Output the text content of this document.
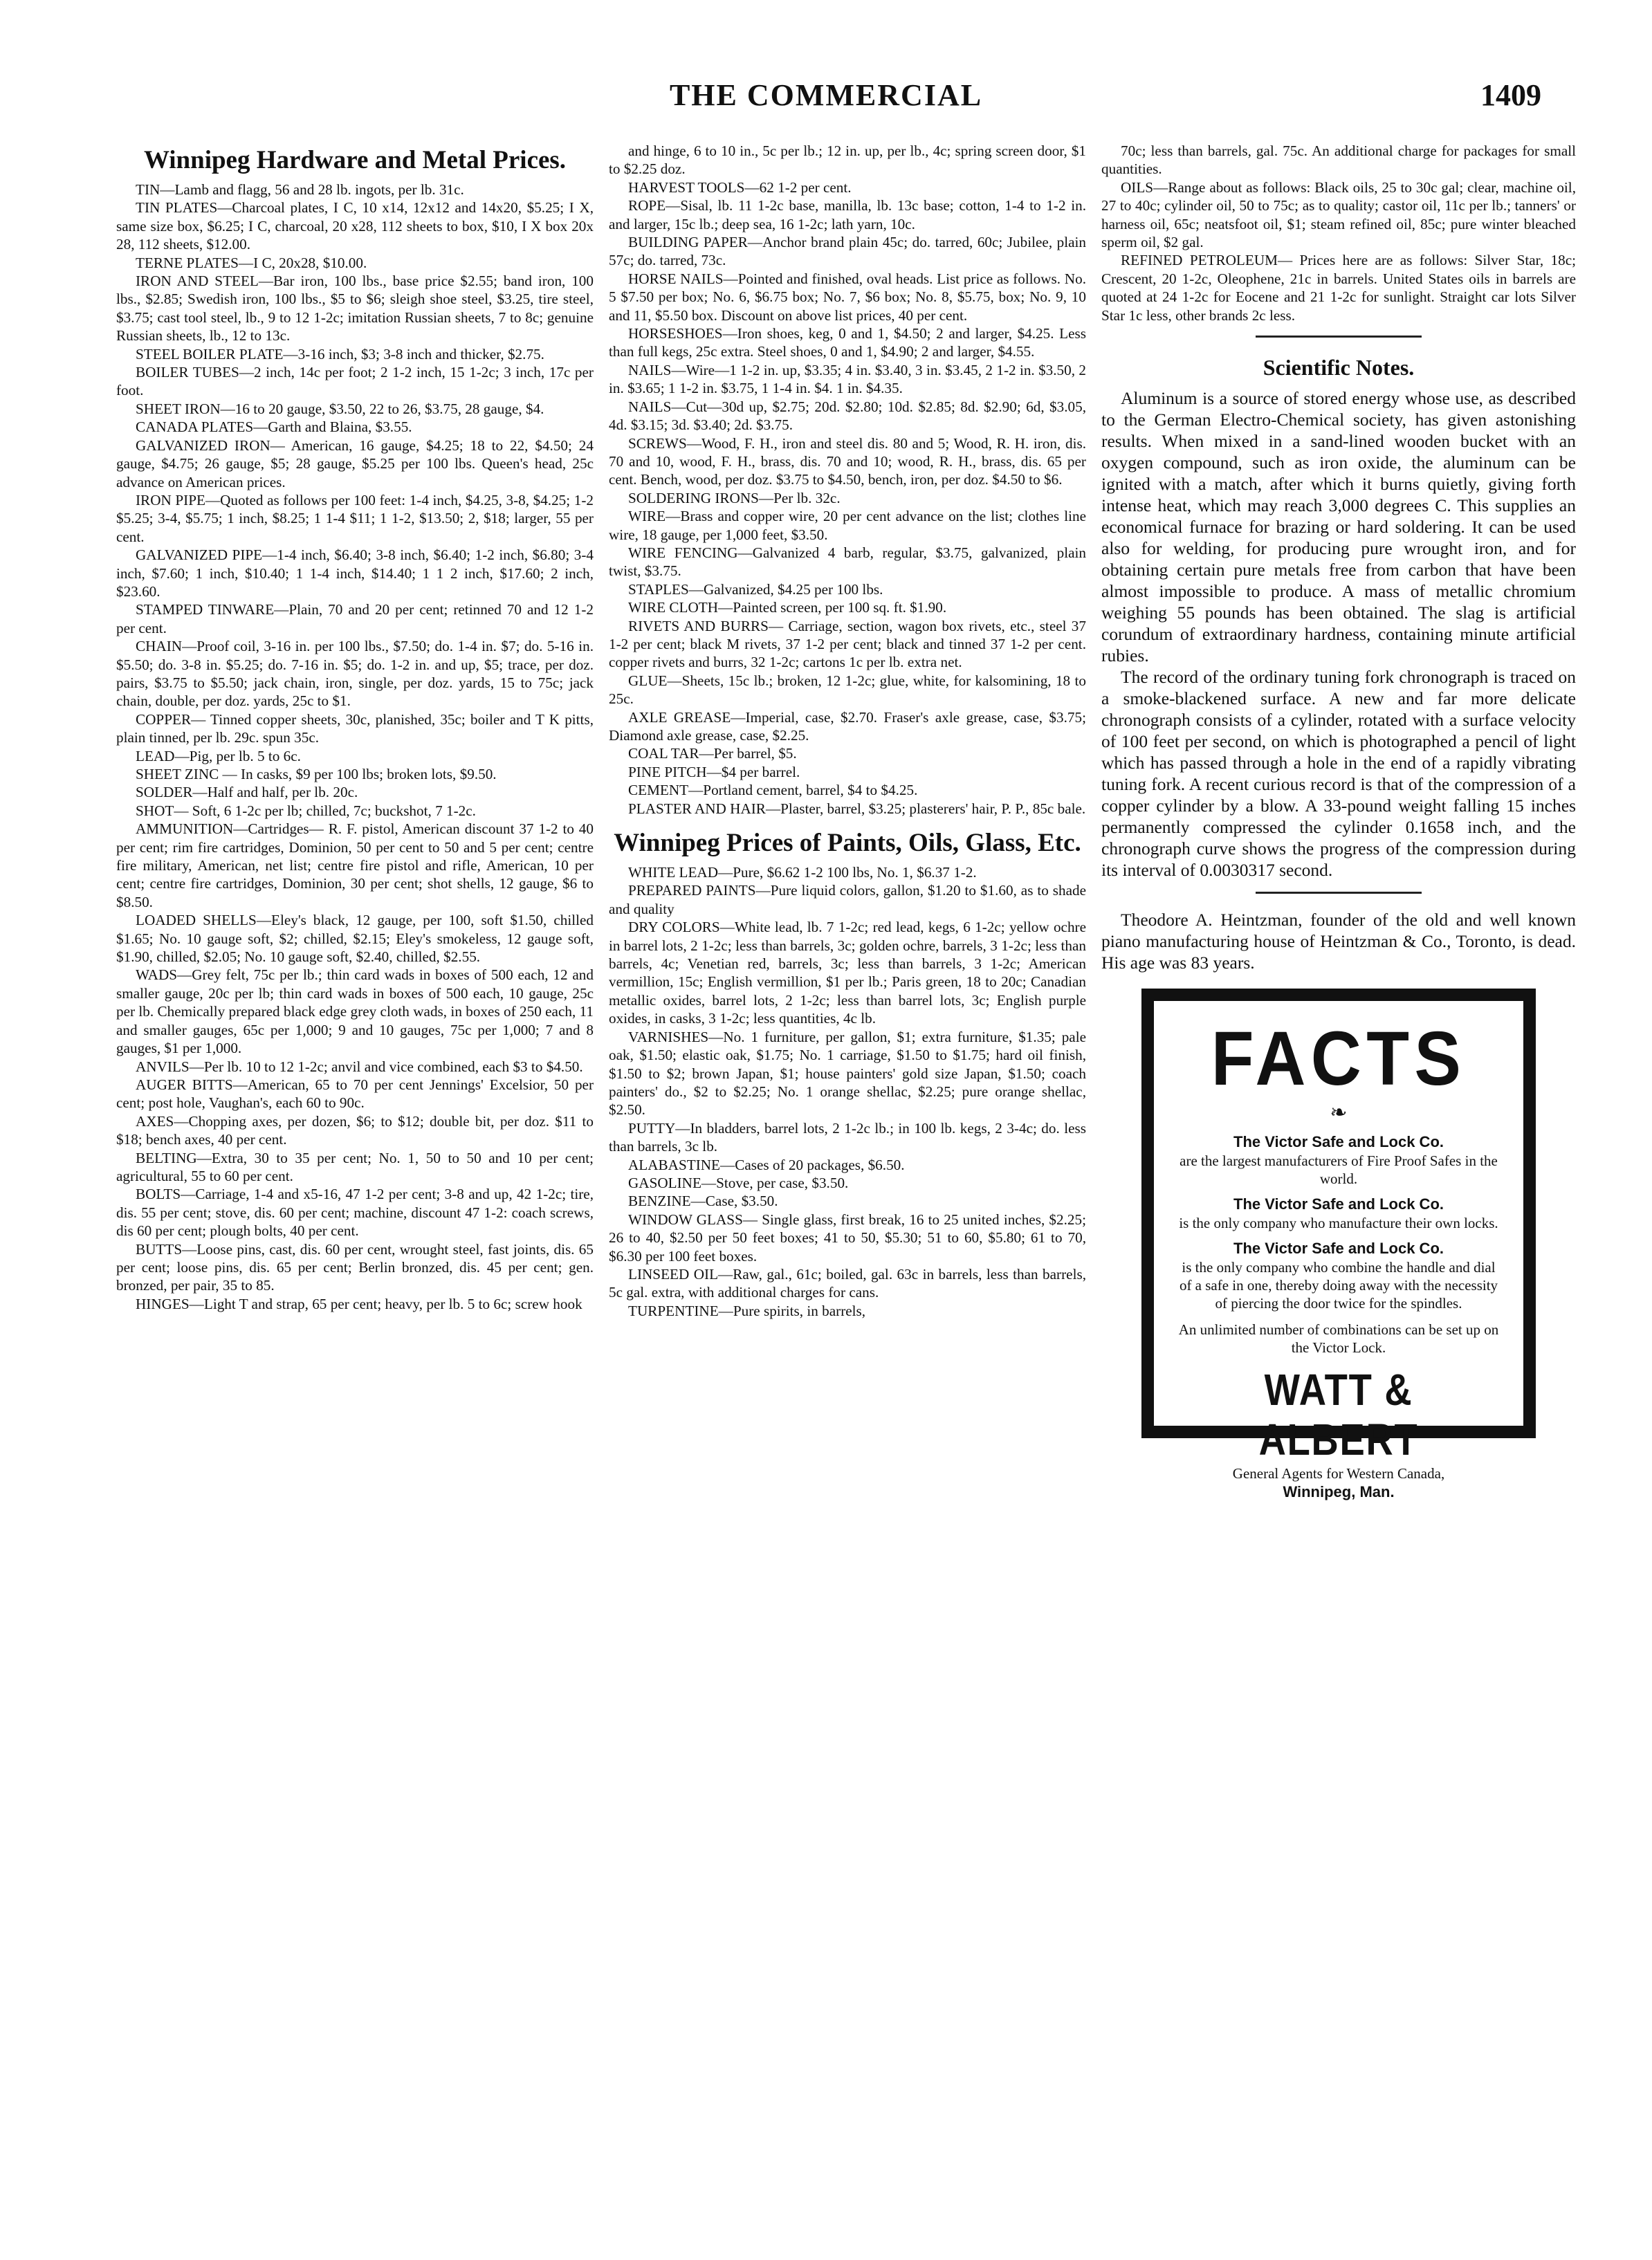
THE COMMERCIAL	1409
Winnipeg Hardware and Metal Prices.

TIN—Lamb and flagg, 56 and 28 lb. ingots, per lb. 31c.

TIN PLATES—Charcoal plates, I C, 10 x14, 12x12 and 14x20, $5.25; I X, same size box, $6.25; I C, charcoal, 20 x28, 112 sheets to box, $10, I X box 20x 28, 112 sheets, $12.00.

TERNE PLATES—I C, 20x28, $10.00.

IRON AND STEEL—Bar iron, 100 lbs., base price $2.55; band iron, 100 lbs., $2.85; Swedish iron, 100 lbs., $5 to $6; sleigh shoe steel, $3.25, tire steel, $3.75; cast tool steel, lb., 9 to 12 1-2c; imitation Russian sheets, 7 to 8c; genuine Russian sheets, lb., 12 to 13c.

STEEL BOILER PLATE—3-16 inch, $3; 3-8 inch and thicker, $2.75.

BOILER TUBES—2 inch, 14c per foot; 2 1-2 inch, 15 1-2c; 3 inch, 17c per foot.

SHEET IRON—16 to 20 gauge, $3.50, 22 to 26, $3.75, 28 gauge, $4.

CANADA PLATES—Garth and Blaina, $3.55.

GALVANIZED IRON— American, 16 gauge, $4.25; 18 to 22, $4.50; 24 gauge, $4.75; 26 gauge, $5; 28 gauge, $5.25 per 100 lbs. Queen's head, 25c advance on American prices.

IRON PIPE—Quoted as follows per 100 feet: 1-4 inch, $4.25, 3-8, $4.25; 1-2 $5.25; 3-4, $5.75; 1 inch, $8.25; 1 1-4 $11; 1 1-2, $13.50; 2, $18; larger, 55 per cent.

GALVANIZED PIPE—1-4 inch, $6.40; 3-8 inch, $6.40; 1-2 inch, $6.80; 3-4 inch, $7.60; 1 inch, $10.40; 1 1-4 inch, $14.40; 1 1 2 inch, $17.60; 2 inch, $23.60.

STAMPED TINWARE—Plain, 70 and 20 per cent; retinned 70 and 12 1-2 per cent.

CHAIN—Proof coil, 3-16 in. per 100 lbs., $7.50; do. 1-4 in. $7; do. 5-16 in. $5.50; do. 3-8 in. $5.25; do. 7-16 in. $5; do. 1-2 in. and up, $5; trace, per doz. pairs, $3.75 to $5.50; jack chain, iron, single, per doz. yards, 15 to 75c; jack chain, double, per doz. yards, 25c to $1.

COPPER— Tinned copper sheets, 30c, planished, 35c; boiler and T K pitts, plain tinned, per lb. 29c. spun 35c.

LEAD—Pig, per lb. 5 to 6c.

SHEET ZINC — In casks, $9 per 100 lbs; broken lots, $9.50.

SOLDER—Half and half, per lb. 20c.

SHOT— Soft, 6 1-2c per lb; chilled, 7c; buckshot, 7 1-2c.

AMMUNITION—Cartridges— R. F. pistol, American discount 37 1-2 to 40 per cent; rim fire cartridges, Dominion, 50 per cent to 50 and 5 per cent; centre fire military, American, net list; centre fire pistol and rifle, American, 10 per cent; centre fire cartridges, Dominion, 30 per cent; shot shells, 12 gauge, $6 to $8.50.

LOADED SHELLS—Eley's black, 12 gauge, per 100, soft $1.50, chilled $1.65; No. 10 gauge soft, $2; chilled, $2.15; Eley's smokeless, 12 gauge soft, $1.90, chilled, $2.05; No. 10 gauge soft, $2.40, chilled, $2.55.

WADS—Grey felt, 75c per lb.; thin card wads in boxes of 500 each, 12 and smaller gauge, 20c per lb; thin card wads in boxes of 500 each, 10 gauge, 25c per lb. Chemically prepared black edge grey cloth wads, in boxes of 250 each, 11 and smaller gauges, 65c per 1,000; 9 and 10 gauges, 75c per 1,000; 7 and 8 gauges, $1 per 1,000.

ANVILS—Per lb. 10 to 12 1-2c; anvil and vice combined, each $3 to $4.50.

AUGER BITTS—American, 65 to 70 per cent Jennings' Excelsior, 50 per cent; post hole, Vaughan's, each 60 to 90c.

AXES—Chopping axes, per dozen, $6; to $12; double bit, per doz. $11 to $18; bench axes, 40 per cent.

BELTING—Extra, 30 to 35 per cent; No. 1, 50 to 50 and 10 per cent; agricultural, 55 to 60 per cent.

BOLTS—Carriage, 1-4 and x5-16, 47 1-2 per cent; 3-8 and up, 42 1-2c; tire, dis. 55 per cent; stove, dis. 60 per cent; machine, discount 47 1-2: coach screws, dis 60 per cent; plough bolts, 40 per cent.

BUTTS—Loose pins, cast, dis. 60 per cent, wrought steel, fast joints, dis. 65 per cent; loose pins, dis. 65 per cent; Berlin bronzed, dis. 45 per cent; gen. bronzed, per pair, 35 to 85.

HINGES—Light T and strap, 65 per cent; heavy, per lb. 5 to 6c; screw hook

and hinge, 6 to 10 in., 5c per lb.; 12 in. up, per lb., 4c; spring screen door, $1 to $2.25 doz.

HARVEST TOOLS—62 1-2 per cent.

ROPE—Sisal, lb. 11 1-2c base, manilla, lb. 13c base; cotton, 1-4 to 1-2 in. and larger, 15c lb.; deep sea, 16 1-2c; lath yarn, 10c.

BUILDING PAPER—Anchor brand plain 45c; do. tarred, 60c; Jubilee, plain 57c; do. tarred, 73c.

HORSE NAILS—Pointed and finished, oval heads. List price as follows. No. 5 $7.50 per box; No. 6, $6.75 box; No. 7, $6 box; No. 8, $5.75, box; No. 9, 10 and 11, $5.50 box. Discount on above list prices, 40 per cent.

HORSESHOES—Iron shoes, keg, 0 and 1, $4.50; 2 and larger, $4.25. Less than full kegs, 25c extra. Steel shoes, 0 and 1, $4.90; 2 and larger, $4.55.

NAILS—Wire—1 1-2 in. up, $3.35; 4 in. $3.40, 3 in. $3.45, 2 1-2 in. $3.50, 2 in. $3.65; 1 1-2 in. $3.75, 1 1-4 in. $4. 1 in. $4.35.

NAILS—Cut—30d up, $2.75; 20d. $2.80; 10d. $2.85; 8d. $2.90; 6d, $3.05, 4d. $3.15; 3d. $3.40; 2d. $3.75.

SCREWS—Wood, F. H., iron and steel dis. 80 and 5; Wood, R. H. iron, dis. 70 and 10, wood, F. H., brass, dis. 70 and 10; wood, R. H., brass, dis. 65 per cent. Bench, wood, per doz. $3.75 to $4.50, bench, iron, per doz. $4.50 to $6.

SOLDERING IRONS—Per lb. 32c.

WIRE—Brass and copper wire, 20 per cent advance on the list; clothes line wire, 18 gauge, per 1,000 feet, $3.50.

WIRE FENCING—Galvanized 4 barb, regular, $3.75, galvanized, plain twist, $3.75.

STAPLES—Galvanized, $4.25 per 100 lbs.

WIRE CLOTH—Painted screen, per 100 sq. ft. $1.90.

RIVETS AND BURRS— Carriage, section, wagon box rivets, etc., steel 37 1-2 per cent; black M rivets, 37 1-2 per cent; black and tinned 37 1-2 per cent. copper rivets and burrs, 32 1-2c; cartons 1c per lb. extra net.

GLUE—Sheets, 15c lb.; broken, 12 1-2c; glue, white, for kalsomining, 18 to 25c.

AXLE GREASE—Imperial, case, $2.70. Fraser's axle grease, case, $3.75; Diamond axle grease, case, $2.25.

COAL TAR—Per barrel, $5.

PINE PITCH—$4 per barrel.

CEMENT—Portland cement, barrel, $4 to $4.25.

PLASTER AND HAIR—Plaster, barrel, $3.25; plasterers' hair, P. P., 85c bale.

Winnipeg Prices of Paints, Oils, Glass, Etc.

WHITE LEAD—Pure, $6.62 1-2 100 lbs, No. 1, $6.37 1-2.

PREPARED PAINTS—Pure liquid colors, gallon, $1.20 to $1.60, as to shade and quality

DRY COLORS—White lead, lb. 7 1-2c; red lead, kegs, 6 1-2c; yellow ochre in barrel lots, 2 1-2c; less than barrels, 3c; golden ochre, barrels, 3 1-2c; less than barrels, 4c; Venetian red, barrels, 3c; less than barrels, 3 1-2c; American vermillion, 15c; English vermillion, $1 per lb.; Paris green, 18 to 20c; Canadian metallic oxides, barrel lots, 2 1-2c; less than barrel lots, 3c; English purple oxides, in casks, 3 1-2c; less quantities, 4c lb.

VARNISHES—No. 1 furniture, per gallon, $1; extra furniture, $1.35; pale oak, $1.50; elastic oak, $1.75; No. 1 carriage, $1.50 to $1.75; hard oil finish, $1.50 to $2; brown Japan, $1; house painters' gold size Japan, $1.50; coach painters' do., $2 to $2.25; No. 1 orange shellac, $2.25; pure orange shellac, $2.50.

PUTTY—In bladders, barrel lots, 2 1-2c lb.; in 100 lb. kegs, 2 3-4c; do. less than barrels, 3c lb.

ALABASTINE—Cases of 20 packages, $6.50.

GASOLINE—Stove, per case, $3.50.

BENZINE—Case, $3.50.

WINDOW GLASS— Single glass, first break, 16 to 25 united inches, $2.25; 26 to 40, $2.50 per 50 feet boxes; 41 to 50, $5.30; 51 to 60, $5.80; 61 to 70, $6.30 per 100 feet boxes.

LINSEED OIL—Raw, gal., 61c; boiled, gal. 63c in barrels, less than barrels, 5c gal. extra, with additional charges for cans.

TURPENTINE—Pure spirits, in barrels,

70c; less than barrels, gal. 75c. An additional charge for packages for small quantities.

OILS—Range about as follows: Black oils, 25 to 30c gal; clear, machine oil, 27 to 40c; cylinder oil, 50 to 75c; as to quality; castor oil, 11c per lb.; tanners' or harness oil, 65c; neatsfoot oil, $1; steam refined oil, 85c; pure winter bleached sperm oil, $2 gal.

REFINED PETROLEUM— Prices here are as follows: Silver Star, 18c; Crescent, 20 1-2c, Oleophene, 21c in barrels. United States oils in barrels are quoted at 24 1-2c for Eocene and 21 1-2c for sunlight. Straight car lots Silver Star 1c less, other brands 2c less.

Scientific Notes.

Aluminum is a source of stored energy whose use, as described to the German Electro-Chemical society, has given astonishing results. When mixed in a sand-lined wooden bucket with an oxygen compound, such as iron oxide, the aluminum can be ignited with a match, after which it burns quietly, giving forth intense heat, which may reach 3,000 degrees C. This supplies an economical furnace for brazing or hard soldering. It can be used also for welding, for producing pure wrought iron, and for obtaining certain pure metals free from carbon that have been almost impossible to produce. A mass of metallic chromium weighing 55 pounds has been obtained. The slag is artificial corundum of extraordinary hardness, containing minute artificial rubies.

The record of the ordinary tuning fork chronograph is traced on a smoke-blackened surface. A new and far more delicate chronograph consists of a cylinder, rotated with a surface velocity of 100 feet per second, on which is photographed a pencil of light which has passed through a hole in the end of a rapidly vibrating tuning fork. A recent curious record is that of the compression of a copper cylinder by a blow. A 33-pound weight falling 15 inches permanently compressed the cylinder 0.1658 inch, and the chronograph curve shows the progress of the compression during its interval of 0.0030317 second.

Theodore A. Heintzman, founder of the old and well known piano manufacturing house of Heintzman & Co., Toronto, is dead. His age was 83 years.

FACTS
❧
The Victor Safe and Lock Co.
are the largest manufacturers of Fire Proof Safes in the world.
The Victor Safe and Lock Co.
is the only company who manufacture their own locks.
The Victor Safe and Lock Co.
is the only company who combine the handle and dial of a safe in one, thereby doing away with the necessity of piercing the door twice for the spindles.
An unlimited number of combinations can be set up on the Victor Lock.
WATT & ALBERT
General Agents for Western Canada,
Winnipeg, Man.
